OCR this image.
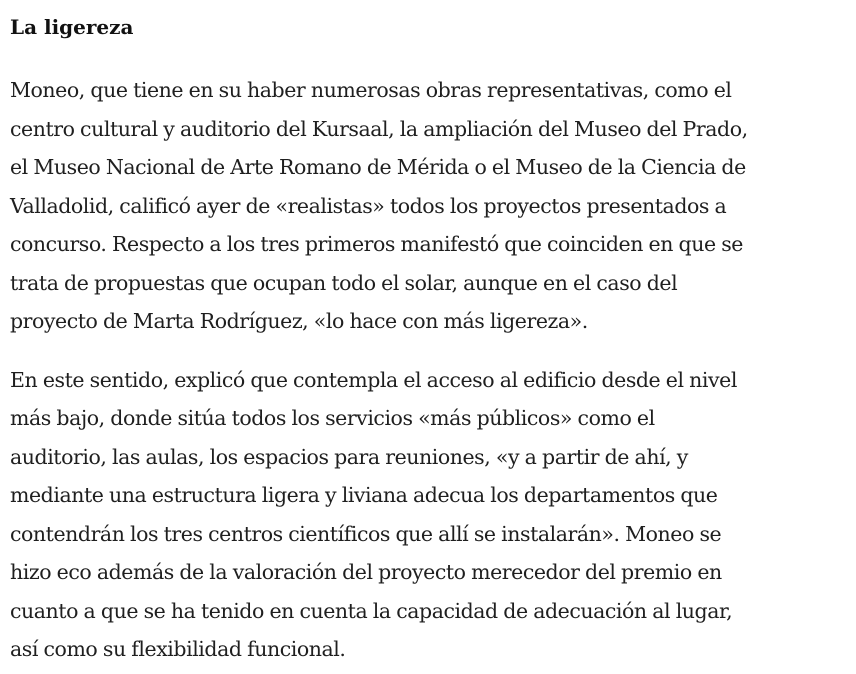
La ligereza

Moneo, que tiene en su haber numerosas obras representativas, como el
centro cultural y auditorio del Kursaal, la ampliación del Museo del Prado,
el Museo Nacional de Arte Romano de Mérida o el Museo de la Ciencia de
Valladolid, calificó ayer de «realistas» todos los proyectos presentados a
concurso. Respecto a los tres primeros manifestó que coinciden en que se
trata de propuestas que ocupan todo el solar, aunque en el caso del
proyecto de Marta Rodríguez, «lo hace con más ligereza».

En este sentido, explicó que contempla el acceso al edificio desde el nivel
más bajo, donde sitúa todos los servicios «más públicos» como el
auditorio, las aulas, los espacios para reuniones, «y a partir de ahí, y
mediante una estructura ligera y liviana adecua los departamentos que
contendrán los tres centros científicos que allí se instalarán». Moneo se
hizo eco además de la valoración del proyecto merecedor del premio en
cuanto a que se ha tenido en cuenta la capacidad de adecuación al lugar,
así como su flexibilidad funcional.
